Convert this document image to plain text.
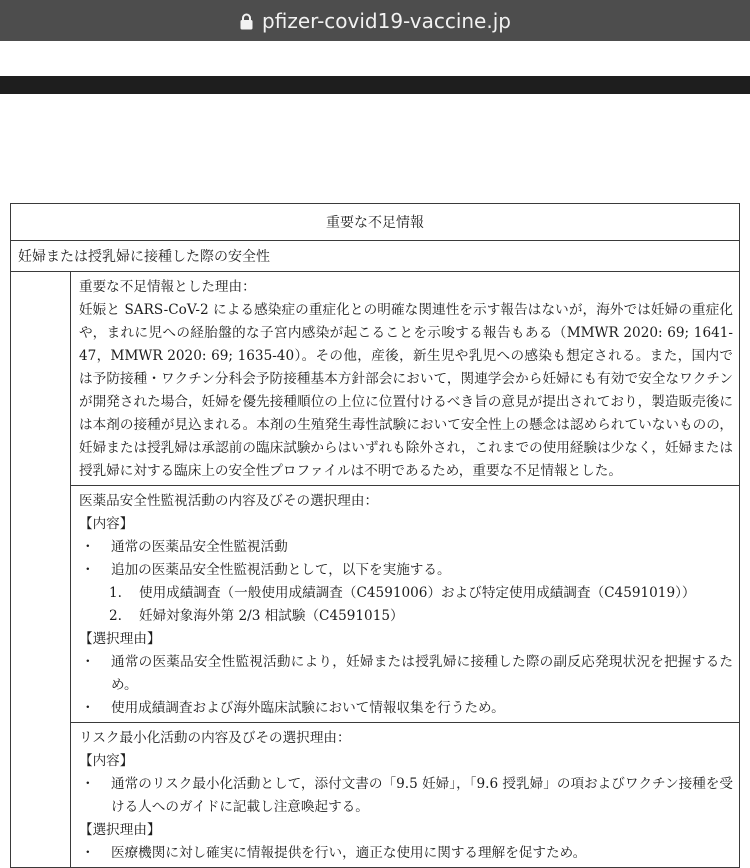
pfizer-covid19-vaccine.jp
重要な不足情報
妊婦または授乳婦に接種した際の安全性
重要な不足情報とした理由：
妊娠と SARS-CoV-2 による感染症の重症化との明確な関連性を示す報告はないが，海外では妊婦の重症化や，まれに児への経胎盤的な子宮内感染が起こることを示唆する報告もある（MMWR 2020: 69; 1641-47，MMWR 2020: 69; 1635-40）。その他，産後，新生児や乳児への感染も想定される。また，国内では予防接種・ワクチン分科会予防接種基本方針部会において，関連学会から妊婦にも有効で安全なワクチンが開発された場合，妊婦を優先接種順位の上位に位置付けるべき旨の意見が提出されており，製造販売後には本剤の接種が見込まれる。本剤の生殖発生毒性試験において安全性上の懸念は認められていないものの，妊婦または授乳婦は承認前の臨床試験からはいずれも除外され，これまでの使用経験は少なく，妊婦または授乳婦に対する臨床上の安全性プロファイルは不明であるため，重要な不足情報とした。
医薬品安全性監視活動の内容及びその選択理由：
【内容】
・	通常の医薬品安全性監視活動
・	追加の医薬品安全性監視活動として，以下を実施する。
1.	使用成績調査（一般使用成績調査（C4591006）および特定使用成績調査（C4591019））
2.	妊婦対象海外第 2/3 相試験（C4591015）
【選択理由】
・	通常の医薬品安全性監視活動により，妊婦または授乳婦に接種した際の副反応発現状況を把握するため。
・	使用成績調査および海外臨床試験において情報収集を行うため。
リスク最小化活動の内容及びその選択理由：
【内容】
・	通常のリスク最小化活動として，添付文書の「9.5 妊婦」，「9.6 授乳婦」の項およびワクチン接種を受ける人へのガイドに記載し注意喚起する。
【選択理由】
・	医療機関に対し確実に情報提供を行い，適正な使用に関する理解を促すため。
